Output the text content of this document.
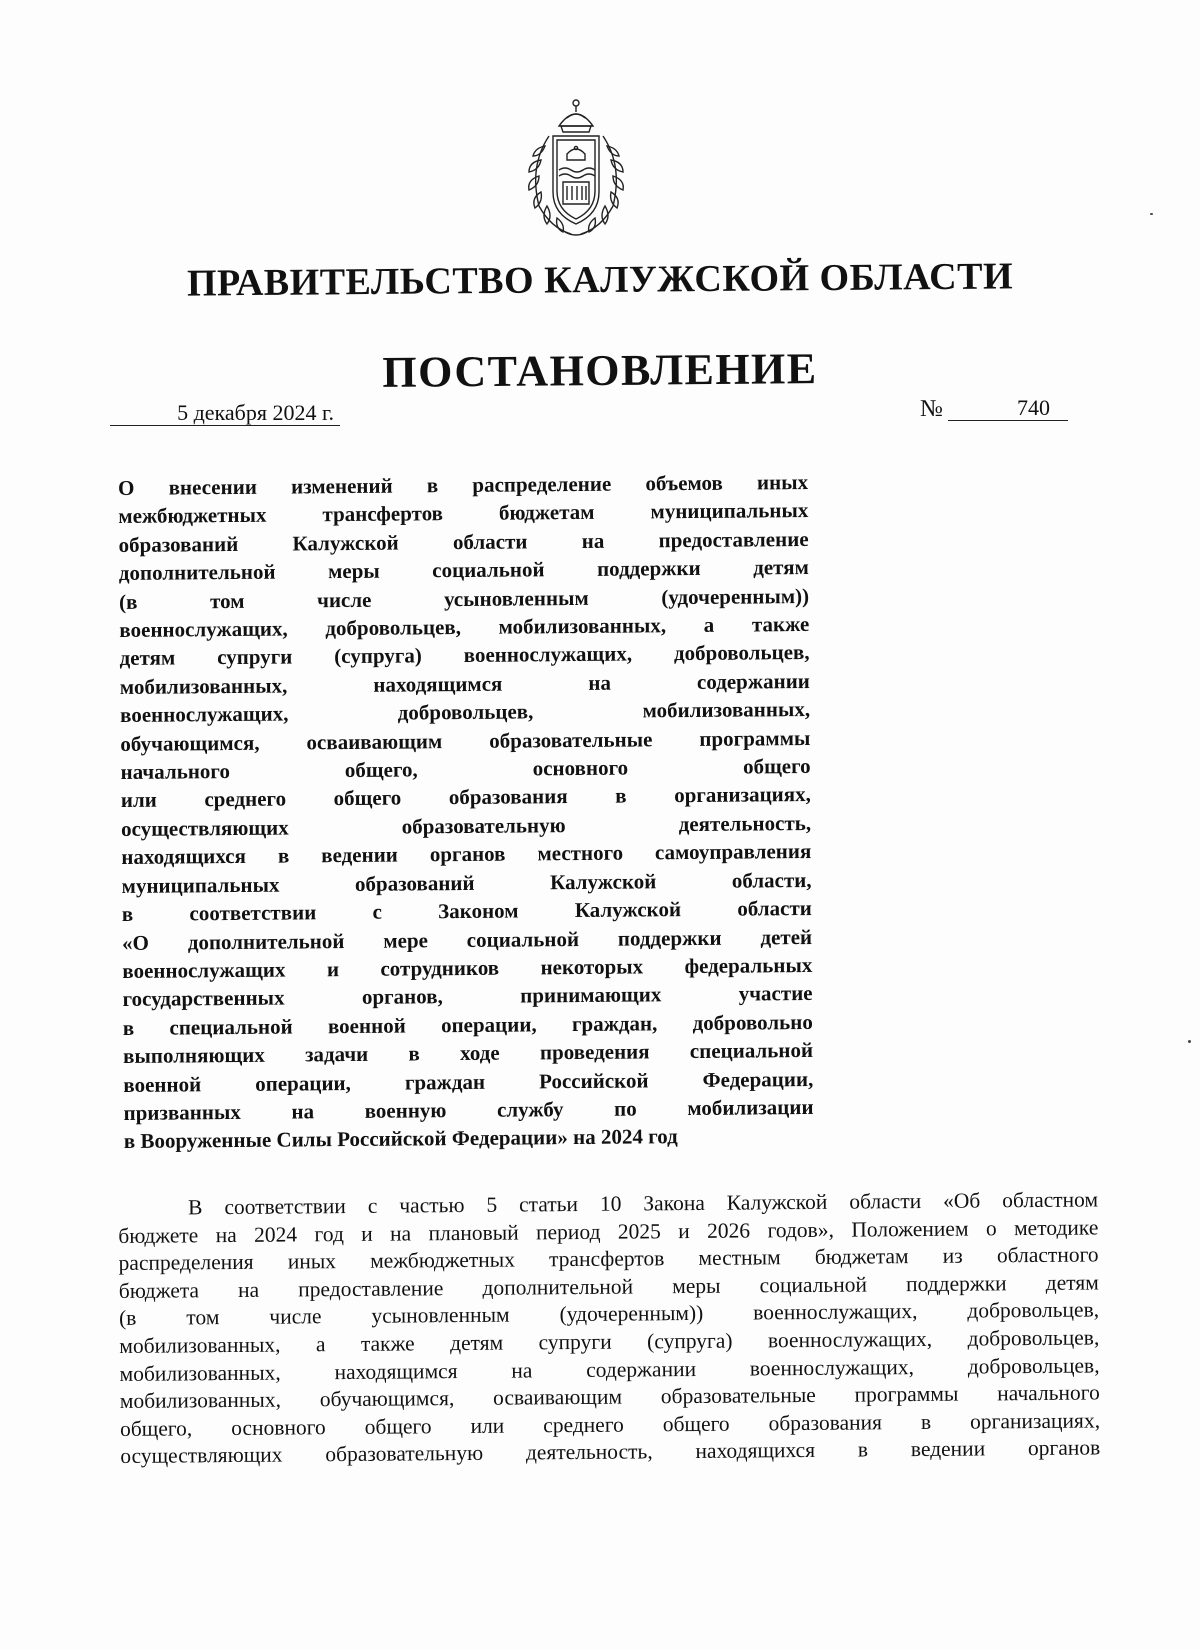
ПРАВИТЕЛЬСТВО КАЛУЖСКОЙ ОБЛАСТИ
ПОСТАНОВЛЕНИЕ
5 декабря 2024 г.	№	740
О внесении изменений в распределение объемов иных
межбюджетных трансфертов бюджетам муниципальных
образований Калужской области на предоставление
дополнительной меры социальной поддержки детям
(в том числе усыновленным (удочеренным))
военнослужащих, добровольцев, мобилизованных, а также
детям супруги (супруга) военнослужащих, добровольцев,
мобилизованных, находящимся на содержании
военнослужащих, добровольцев, мобилизованных,
обучающимся, осваивающим образовательные программы
начального общего, основного общего
или среднего общего образования в организациях,
осуществляющих образовательную деятельность,
находящихся в ведении органов местного самоуправления
муниципальных образований Калужской области,
в соответствии с Законом Калужской области
«О дополнительной мере социальной поддержки детей
военнослужащих и сотрудников некоторых федеральных
государственных органов, принимающих участие
в специальной военной операции, граждан, добровольно
выполняющих задачи в ходе проведения специальной
военной операции, граждан Российской Федерации,
призванных на военную службу по мобилизации
в Вооруженные Силы Российской Федерации» на 2024 год
В соответствии с частью 5 статьи 10 Закона Калужской области «Об областном
бюджете на 2024 год и на плановый период 2025 и 2026 годов», Положением о методике
распределения иных межбюджетных трансфертов местным бюджетам из областного
бюджета на предоставление дополнительной меры социальной поддержки детям
(в том числе усыновленным (удочеренным)) военнослужащих, добровольцев,
мобилизованных, а также детям супруги (супруга) военнослужащих, добровольцев,
мобилизованных, находящимся на содержании военнослужащих, добровольцев,
мобилизованных, обучающимся, осваивающим образовательные программы начального
общего, основного общего или среднего общего образования в организациях,
осуществляющих образовательную деятельность, находящихся в ведении органов
